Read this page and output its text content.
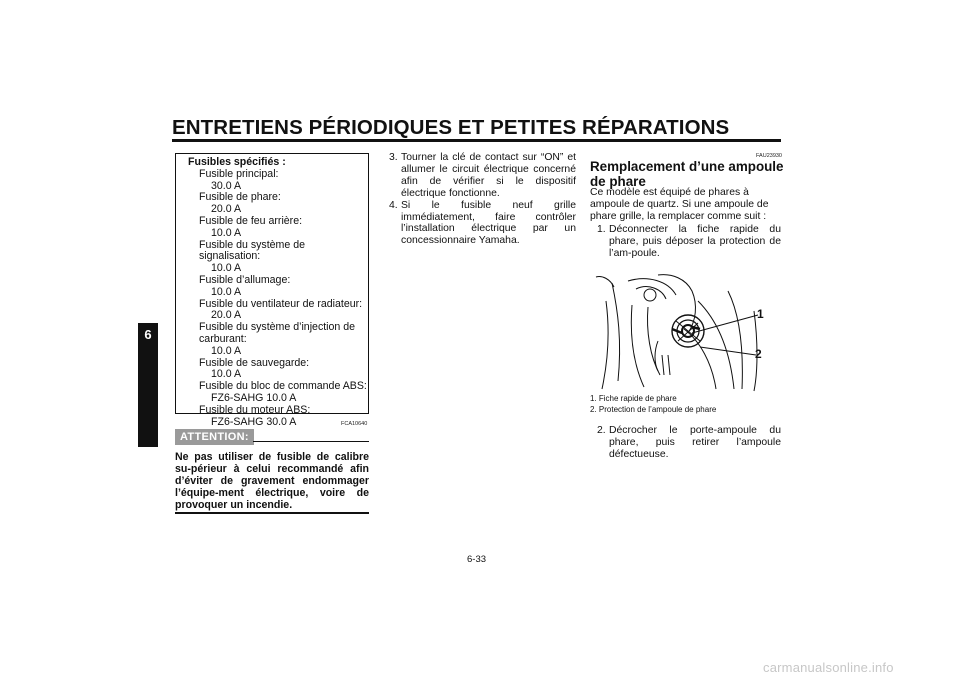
ENTRETIENS PÉRIODIQUES ET PETITES RÉPARATIONS
6
Fusibles spécifiés :
Fusible principal:
30.0 A
Fusible de phare:
20.0 A
Fusible de feu arrière:
10.0 A
Fusible du système de signalisation:
10.0 A
Fusible d’allumage:
10.0 A
Fusible du ventilateur de radiateur:
20.0 A
Fusible du système d’injection de carburant:
10.0 A
Fusible de sauvegarde:
10.0 A
Fusible du bloc de commande ABS:
FZ6-SAHG 10.0 A
Fusible du moteur ABS:
FZ6-SAHG 30.0 A	FCA10640
ATTENTION:
Ne pas utiliser de fusible de calibre su-périeur à celui recommandé afin d’éviter de gravement endommager l’équipe-ment électrique, voire de provoquer un incendie.
3. Tourner la clé de contact sur “ON” et allumer le circuit électrique concerné afin de vérifier si le dispositif électrique fonctionne.
4. Si le fusible neuf grille immédiatement, faire contrôler l’installation électrique par un concessionnaire Yamaha.
FAU23930
Remplacement d’une ampoule
de phare
Ce modèle est équipé de phares à ampoule de quartz. Si une ampoule de phare grille, la remplacer comme suit :
1. Déconnecter la fiche rapide du phare, puis déposer la protection de l’am-poule.
1
2
1. Fiche rapide de phare
2. Protection de l’ampoule de phare
2. Décrocher le porte-ampoule du phare, puis retirer l’ampoule défectueuse.
6-33
carmanualsonline.info
